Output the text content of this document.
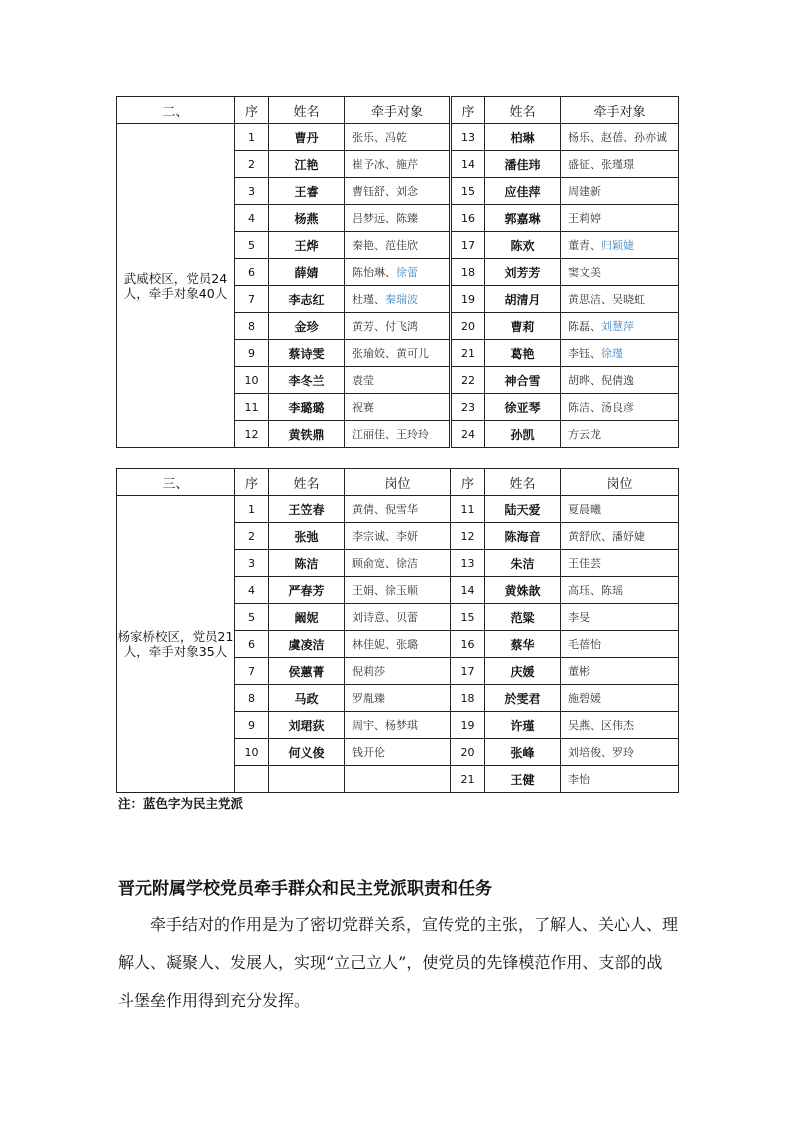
二、	序	姓名	牵手对象	序	姓名	牵手对象
武威校区，党员24人，牵手对象40人	1	曹丹	张乐、冯乾	13	柏琳	杨乐、赵蓓、孙亦诚
	2	江艳	崔予冰、施芹	14	潘佳玮	盛征、张瑾璟
	3	王睿	曹钰舒、刘念	15	应佳萍	周建新
	4	杨燕	吕梦远、陈臻	16	郭嘉琳	王莉婷
	5	王烨	秦艳、范佳欣	17	陈欢	董青、归颖婕
	6	薛婧	陈怡琳、徐蕾	18	刘芳芳	窦文美
	7	李志红	杜瑾、秦瑞波	19	胡清月	黄思洁、吴晓虹
	8	金珍	黄芳、付飞鸿	20	曹莉	陈磊、刘慧萍
	9	蔡诗雯	张瑜姣、黄可儿	21	葛艳	李钰、徐瑾
	10	李冬兰	袁莹	22	神合雪	胡晔、倪倩逸
	11	李璐璐	祝赛	23	徐亚琴	陈洁、汤良彦
	12	黄铁鼎	江丽佳、王玲玲	24	孙凯	方云龙
三、	序	姓名	岗位	序	姓名	岗位
杨家桥校区，党员21人，牵手对象35人	1	王笠春	黄倩、倪雪华	11	陆天爱	夏晨曦
	2	张弛	李宗诚、李妍	12	陈海音	黄舒欣、潘妤婕
	3	陈洁	顾俞宽、徐洁	13	朱洁	王佳芸
	4	严春芳	王娟、徐玉顺	14	黄姝歆	高珏、陈瑶
	5	阚妮	刘诗意、贝蕾	15	范粱	李旻
	6	虞凌洁	林佳妮、张璐	16	蔡华	毛蓓怡
	7	侯蕙菁	倪莉莎	17	庆媛	董彬
	8	马政	罗胤臻	18	於雯君	施碧媛
	9	刘珺荻	周宇、杨梦琪	19	许瑾	吴燕、区伟杰
	10	何义俊	钱开伦	20	张峰	刘培俊、罗玲
				21	王健	李怡
注：蓝色字为民主党派
晋元附属学校党员牵手群众和民主党派职责和任务

牵手结对的作用是为了密切党群关系，宣传党的主张，了解人、关心人、理解人、凝聚人、发展人，实现“立己立人”，使党员的先锋模范作用、支部的战斗堡垒作用得到充分发挥。
